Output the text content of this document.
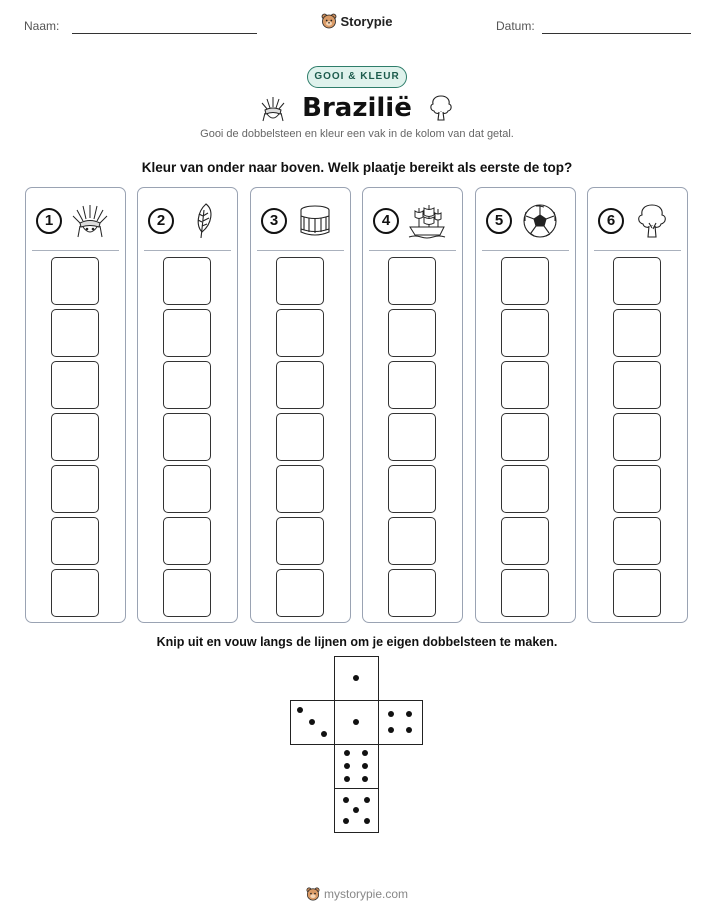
Naam:	Datum:
Storypie
GOOI & KLEUR
Brazilië
Gooi de dobbelsteen en kleur een vak in de kolom van dat getal.
Kleur van onder naar boven. Welk plaatje bereikt als eerste de top?
1	2	3	4	5	6
Knip uit en vouw langs de lijnen om je eigen dobbelsteen te maken.
mystorypie.com
